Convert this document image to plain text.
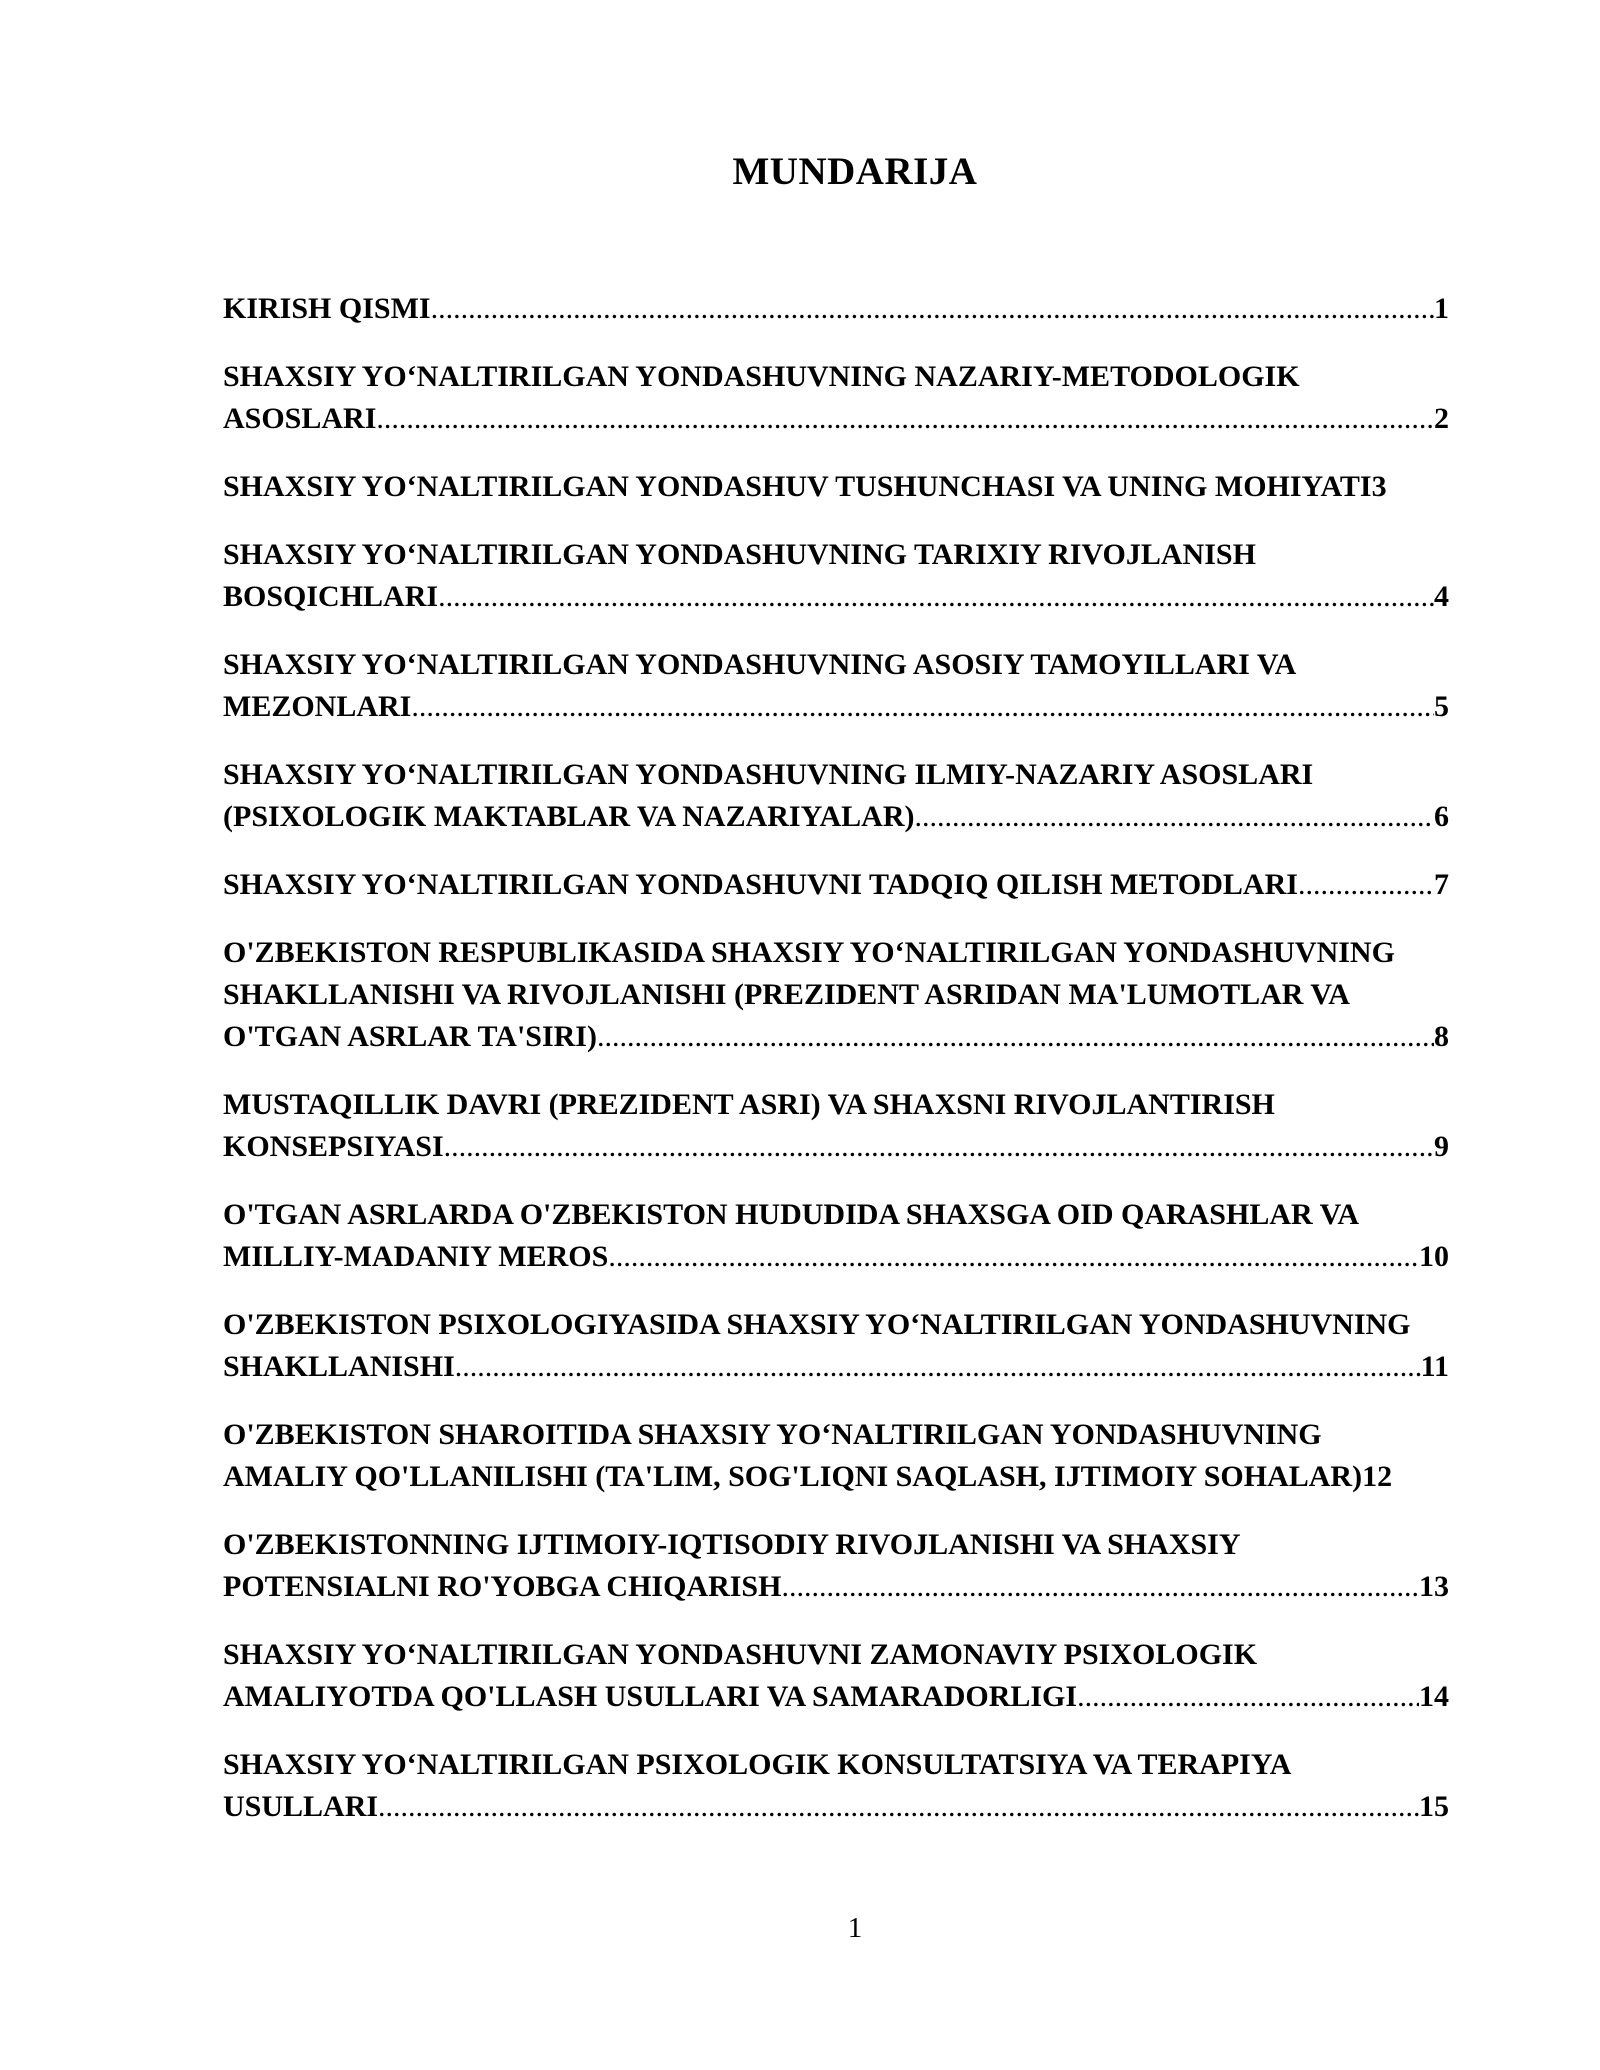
MUNDARIJA
KIRISH QISMI .....	1
SHAXSIY YO‘NALTIRILGAN YONDASHUVNING NAZARIY-METODOLOGIK
ASOSLARI .....	2
SHAXSIY YO‘NALTIRILGAN YONDASHUV TUSHUNCHASI VA UNING MOHIYATI 3
SHAXSIY YO‘NALTIRILGAN YONDASHUVNING TARIXIY RIVOJLANISH
BOSQICHLARI .....	4
SHAXSIY YO‘NALTIRILGAN YONDASHUVNING ASOSIY TAMOYILLARI VA
MEZONLARI .....	5
SHAXSIY YO‘NALTIRILGAN YONDASHUVNING ILMIY-NAZARIY ASOSLARI
(PSIXOLOGIK MAKTABLAR VA NAZARIYALAR) .....	6
SHAXSIY YO‘NALTIRILGAN YONDASHUVNI TADQIQ QILISH METODLARI .....	7
O'ZBEKISTON RESPUBLIKASIDA SHAXSIY YO‘NALTIRILGAN YONDASHUVNING
SHAKLLANISHI VA RIVOJLANISHI (PREZIDENT ASRIDAN MA'LUMOTLAR VA
O'TGAN ASRLAR TA'SIRI) .....	8
MUSTAQILLIK DAVRI (PREZIDENT ASRI) VA SHAXSNI RIVOJLANTIRISH
KONSEPSIYASI .....	9
O'TGAN ASRLARDA O'ZBEKISTON HUDUDIDA SHAXSGA OID QARASHLAR VA
MILLIY-MADANIY MEROS .....	10
O'ZBEKISTON PSIXOLOGIYASIDA SHAXSIY YO‘NALTIRILGAN YONDASHUVNING
SHAKLLANISHI .....	11
O'ZBEKISTON SHAROITIDA SHAXSIY YO‘NALTIRILGAN YONDASHUVNING
AMALIY QO'LLANILISHI (TA'LIM, SOG'LIQNI SAQLASH, IJTIMOIY SOHALAR) 12
O'ZBEKISTONNING IJTIMOIY-IQTISODIY RIVOJLANISHI VA SHAXSIY
POTENSIALNI RO'YOBGA CHIQARISH .....	13
SHAXSIY YO‘NALTIRILGAN YONDASHUVNI ZAMONAVIY PSIXOLOGIK
AMALIYOTDA QO'LLASH USULLARI VA SAMARADORLIGI .....	14
SHAXSIY YO‘NALTIRILGAN PSIXOLOGIK KONSULTATSIYA VA TERAPIYA
USULLARI .....	15
1
